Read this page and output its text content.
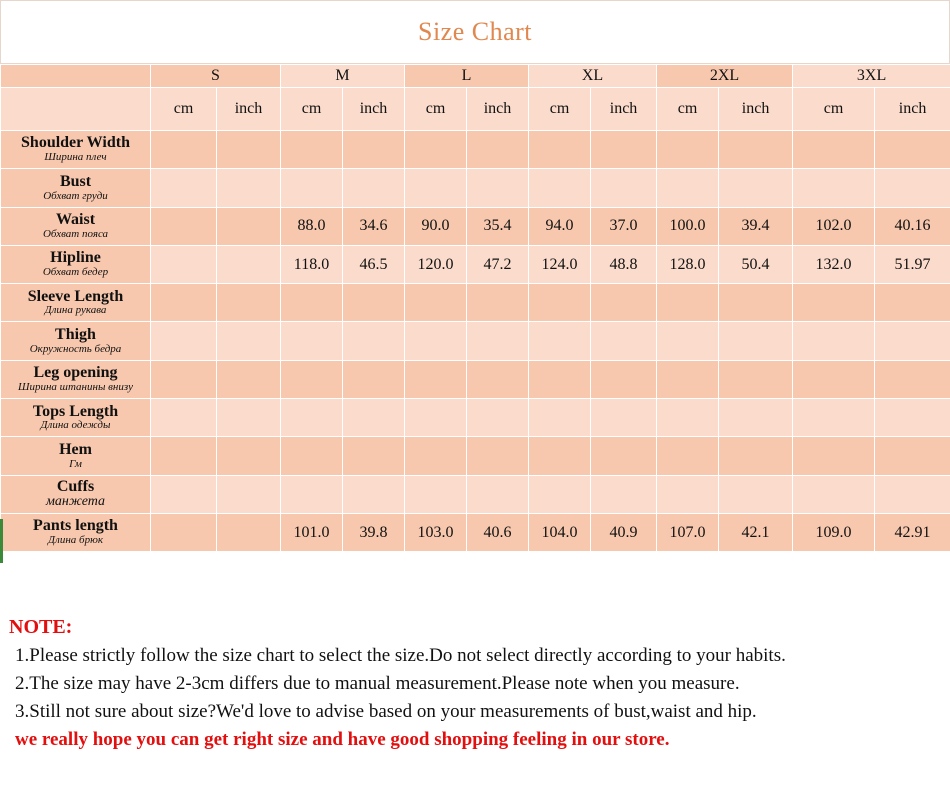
Size Chart
	S		M		L		XL		2XL		3XL	
	cm	inch	cm	inch	cm	inch	cm	inch	cm	inch	cm	inch

Shoulder Width
Ширина плеч												

Bust
Обхват груди												

Waist
Обхват пояса			88.0	34.6	90.0	35.4	94.0	37.0	100.0	39.4	102.0	40.16

Hipline
Обхват бедер			118.0	46.5	120.0	47.2	124.0	48.8	128.0	50.4	132.0	51.97

Sleeve Length
Длина рукава												

Thigh
Окружность бедра												

Leg opening
Ширина штанины внизу												

Tops Length
Длина одежды												

Hem
Гм												

Cuffs
манжета												

Pants length
Длина брюк			101.0	39.8	103.0	40.6	104.0	40.9	107.0	42.1	109.0	42.91

NOTE:

1.Please strictly follow the size chart to select the size.Do not select directly according to your habits.

2.The size may have 2-3cm differs due to manual measurement.Please note when you measure.

3.Still not sure about size?We'd love to advise based on your measurements of bust,waist and hip.

we really hope you can get right size and have good shopping feeling in our store.
